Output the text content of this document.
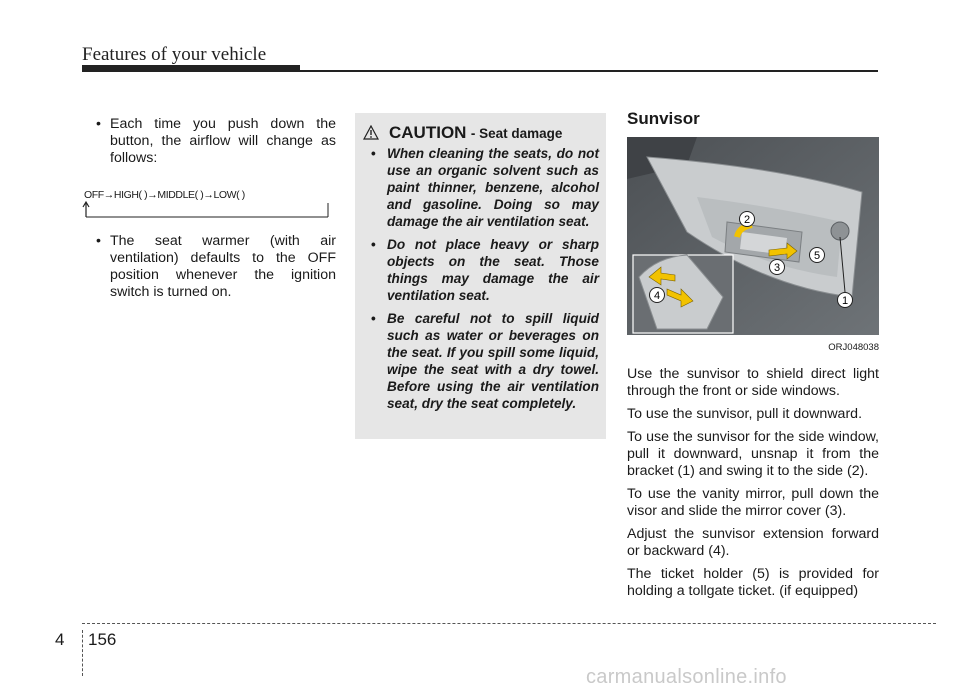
Features of your vehicle
• Each time you push down the button, the airflow will change as follows:
OFF→HIGH( )→MIDDLE( )→LOW( )
• The seat warmer (with air ventilation) defaults to the OFF position whenever the ignition switch is turned on.
CAUTION - Seat damage
• When cleaning the seats, do not use an organic solvent such as paint thinner, benzene, alcohol and gasoline. Doing so may damage the air ventilation seat.
• Do not place heavy or sharp objects on the seat. Those things may damage the air ventilation seat.
• Be careful not to spill liquid such as water or beverages on the seat. If you spill some liquid, wipe the seat with a dry towel. Before using the air ventilation seat, dry the seat completely.
Sunvisor
1
2
3
4
5
ORJ048038

Use the sunvisor to shield direct light through the front or side windows.

To use the sunvisor, pull it downward.

To use the sunvisor for the side window, pull it downward, unsnap it from the bracket (1) and swing it to the side (2).

To use the vanity mirror, pull down the visor and slide the mirror cover (3).

Adjust the sunvisor extension forward or backward (4).

The ticket holder (5) is provided for holding a tollgate ticket. (if equipped)

4 156
carmanualsonline.info
